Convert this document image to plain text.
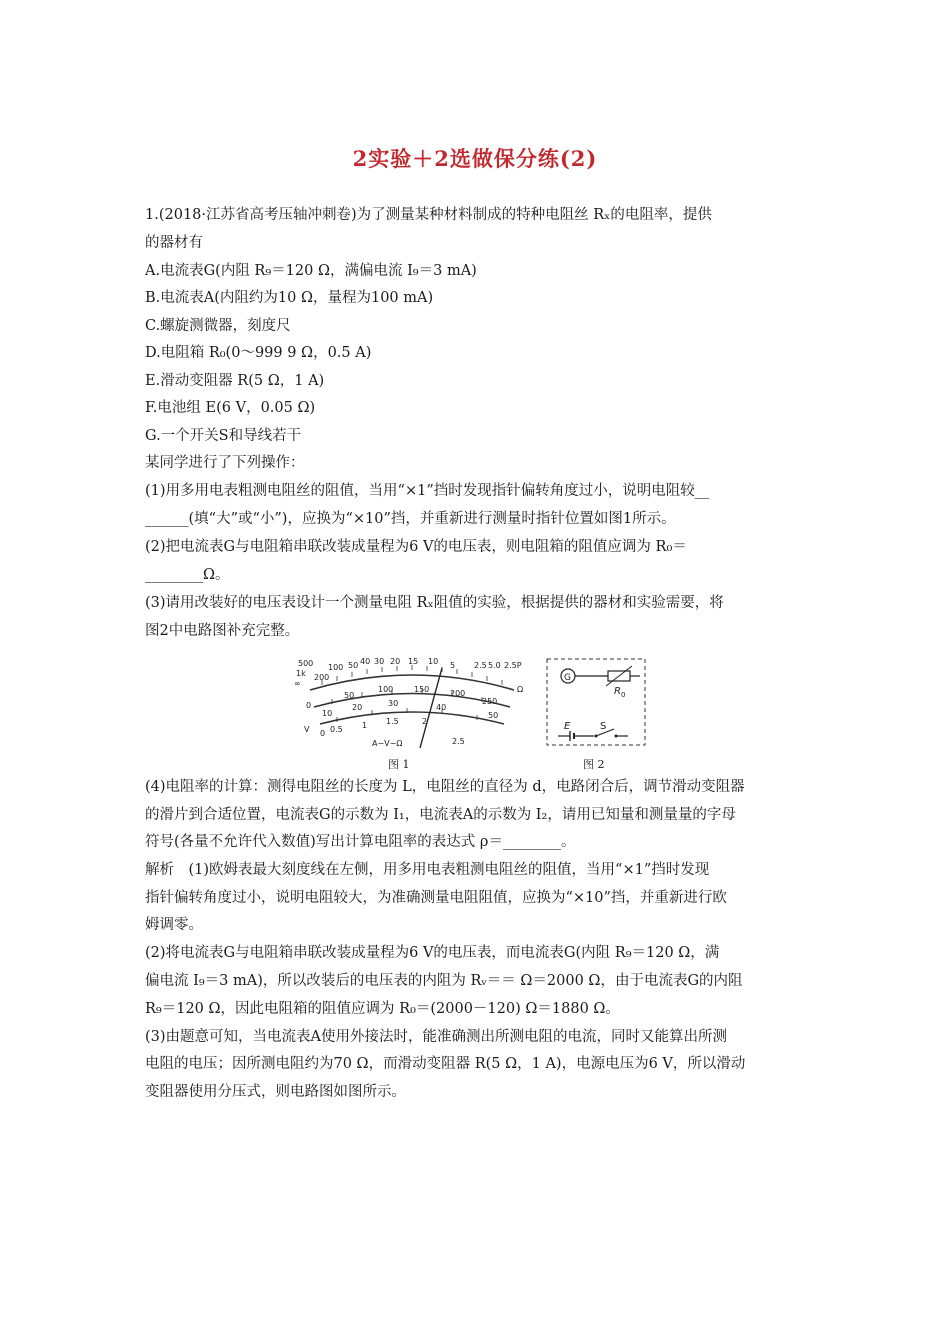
2实验＋2选做保分练(2)
1.(2018·江苏省高考压轴冲刺卷)为了测量某种材料制成的特种电阻丝 Rₓ的电阻率，提供
的器材有
A.电流表G(内阻 R₉＝120 Ω，满偏电流 I₉＝3 mA)
B.电流表A(内阻约为10 Ω，量程为100 mA)
C.螺旋测微器，刻度尺
D.电阻箱 R₀(0～999 9 Ω，0.5 A)
E.滑动变阻器 R(5 Ω，1 A)
F.电池组 E(6 V，0.05 Ω)
G.一个开关S和导线若干
某同学进行了下列操作：
(1)用多用电表粗测电阻丝的阻值，当用“×1”挡时发现指针偏转角度过小，说明电阻较__
______(填“大”或“小”)，应换为“×10”挡，并重新进行测量时指针位置如图1所示。
(2)把电流表G与电阻箱串联改装成量程为6 V的电压表，则电阻箱的阻值应调为 R₀＝
________Ω。
(3)请用改装好的电压表设计一个测量电阻 Rₓ阻值的实验，根据提供的器材和实验需要，将
图2中电路图补充完整。
500
1k
∞
200
100 50 40 30 20 15 10 5 2.5 5.0 2.5P
Ω
0
50
100	150	200
250
10
20	30	40
50
0 0.5 1 1.5	2
2.5
V
A−V−Ω
图 1
G
R 0
E	S
图 2
(4)电阻率的计算：测得电阻丝的长度为 L，电阻丝的直径为 d，电路闭合后，调节滑动变阻器
的滑片到合适位置，电流表G的示数为 I₁，电流表A的示数为 I₂，请用已知量和测量量的字母
符号(各量不允许代入数值)写出计算电阻率的表达式 ρ＝________。
解析　(1)欧姆表最大刻度线在左侧，用多用电表粗测电阻丝的阻值，当用“×1”挡时发现
指针偏转角度过小，说明电阻较大，为准确测量电阻阻值，应换为“×10”挡，并重新进行欧
姆调零。
(2)将电流表G与电阻箱串联改装成量程为6 V的电压表，而电流表G(内阻 R₉＝120 Ω，满
偏电流 I₉＝3 mA)，所以改装后的电压表的内阻为 Rᵥ＝＝ Ω＝2000 Ω，由于电流表G的内阻
R₉＝120 Ω，因此电阻箱的阻值应调为 R₀＝(2000－120) Ω＝1880 Ω。
(3)由题意可知，当电流表A使用外接法时，能准确测出所测电阻的电流，同时又能算出所测
电阻的电压；因所测电阻约为70 Ω，而滑动变阻器 R(5 Ω，1 A)，电源电压为6 V，所以滑动
变阻器使用分压式，则电路图如图所示。
